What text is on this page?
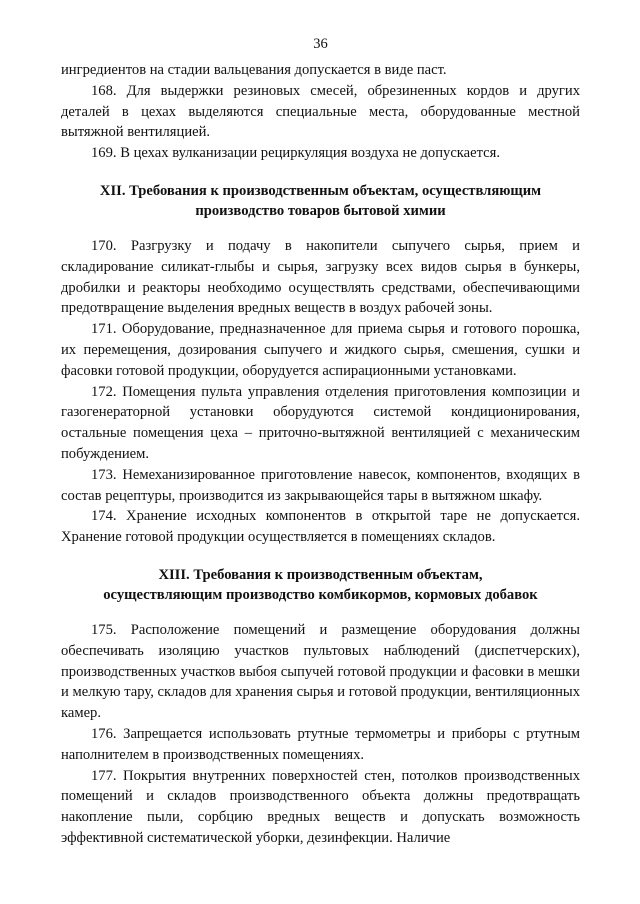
36

ингредиентов на стадии вальцевания допускается в виде паст.

168. Для выдержки резиновых смесей, обрезиненных кордов и других деталей в цехах выделяются специальные места, оборудованные местной вытяжной вентиляцией.

169. В цехах вулканизации рециркуляция воздуха не допускается.

XII. Требования к производственным объектам, осуществляющим
производство товаров бытовой химии

170. Разгрузку и подачу в накопители сыпучего сырья, прием и складирование силикат-глыбы и сырья, загрузку всех видов сырья в бункеры, дробилки и реакторы необходимо осуществлять средствами, обеспечивающими предотвращение выделения вредных веществ в воздух рабочей зоны.

171. Оборудование, предназначенное для приема сырья и готового порошка, их перемещения, дозирования сыпучего и жидкого сырья, смешения, сушки и фасовки готовой продукции, оборудуется аспирационными установками.

172. Помещения пульта управления отделения приготовления композиции и газогенераторной установки оборудуются системой кондиционирования, остальные помещения цеха – приточно-вытяжной вентиляцией с механическим побуждением.

173. Немеханизированное приготовление навесок, компонентов, входящих в состав рецептуры, производится из закрывающейся тары в вытяжном шкафу.

174. Хранение исходных компонентов в открытой таре не допускается. Хранение готовой продукции осуществляется в помещениях складов.

XIII. Требования к производственным объектам,
осуществляющим производство комбикормов, кормовых добавок

175. Расположение помещений и размещение оборудования должны обеспечивать изоляцию участков пультовых наблюдений (диспетчерских), производственных участков выбоя сыпучей готовой продукции и фасовки в мешки и мелкую тару, складов для хранения сырья и готовой продукции, вентиляционных камер.

176. Запрещается использовать ртутные термометры и приборы с ртутным наполнителем в производственных помещениях.

177. Покрытия внутренних поверхностей стен, потолков производственных помещений и складов производственного объекта должны предотвращать накопление пыли, сорбцию вредных веществ и допускать возможность эффективной систематической уборки, дезинфекции. Наличие
